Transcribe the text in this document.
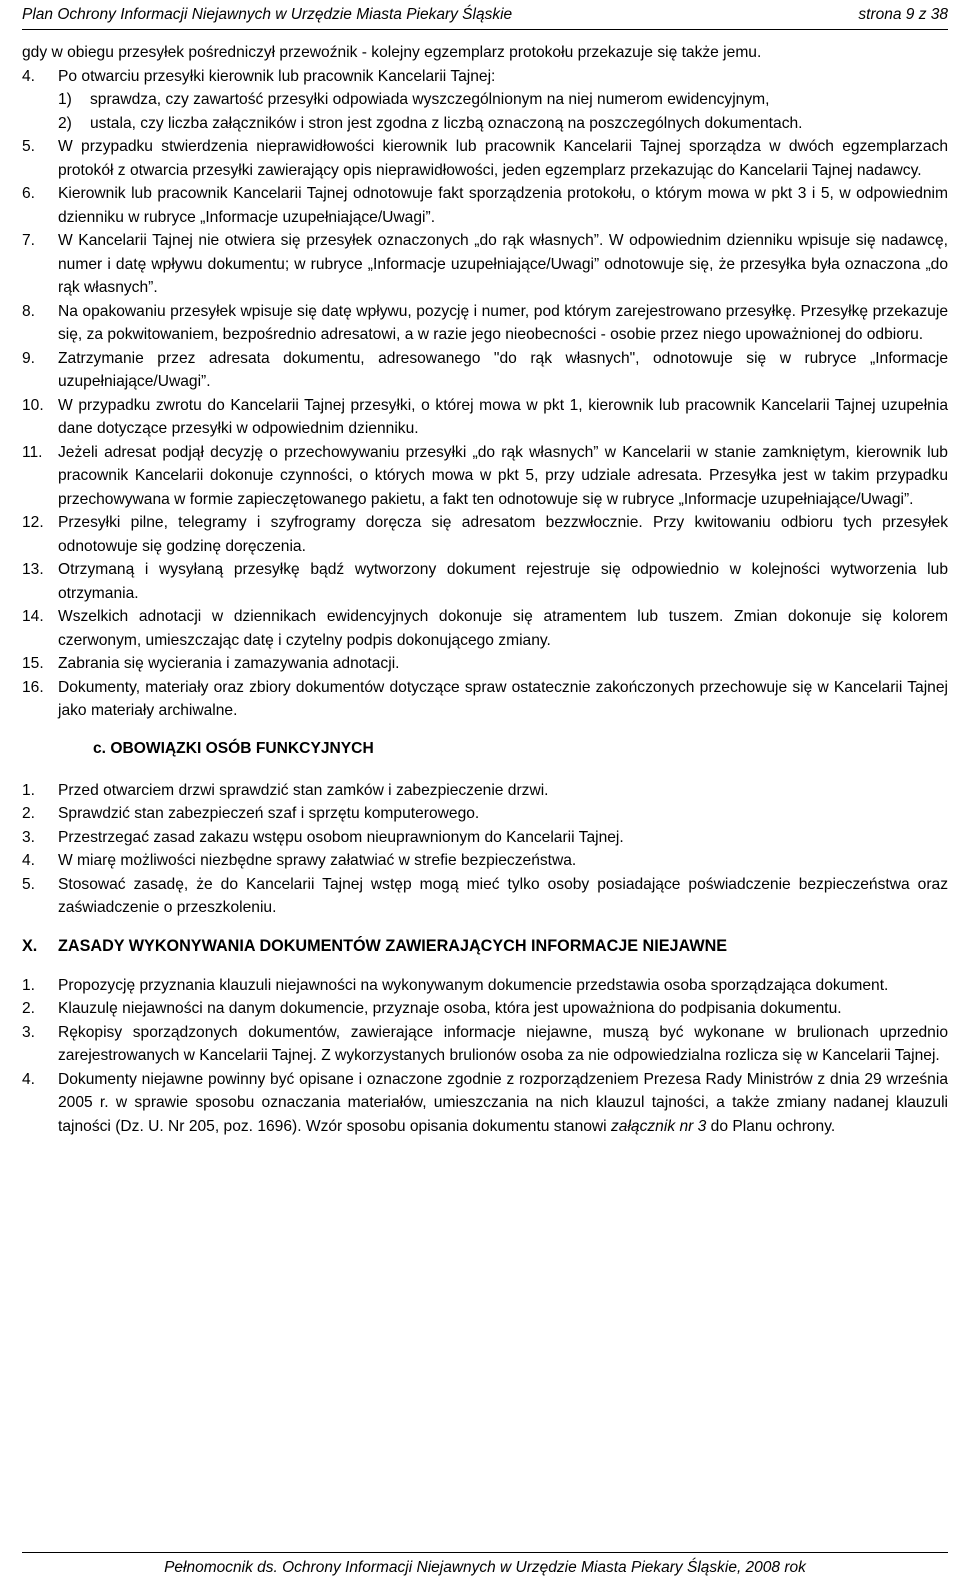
Plan Ochrony Informacji Niejawnych w Urzędzie Miasta Piekary Śląskie	strona 9 z 38
gdy w obiegu przesyłek pośredniczył przewoźnik - kolejny egzemplarz protokołu przekazuje się także jemu.
4.	Po otwarciu przesyłki kierownik lub pracownik Kancelarii Tajnej:
1)	sprawdza, czy zawartość przesyłki odpowiada wyszczególnionym na niej numerom ewidencyjnym,
2)	ustala, czy liczba załączników i stron jest zgodna z liczbą oznaczoną na poszczególnych dokumentach.
5.	W przypadku stwierdzenia nieprawidłowości kierownik lub pracownik Kancelarii Tajnej sporządza w dwóch egzemplarzach protokół z otwarcia przesyłki zawierający opis nieprawidłowości, jeden egzemplarz przekazując do Kancelarii Tajnej nadawcy.
6.	Kierownik lub pracownik Kancelarii Tajnej odnotowuje fakt sporządzenia protokołu, o którym mowa w pkt 3 i 5, w odpowiednim dzienniku w rubryce „Informacje uzupełniające/Uwagi”.
7.	W Kancelarii Tajnej nie otwiera się przesyłek oznaczonych „do rąk własnych”. W odpowiednim dzienniku wpisuje się nadawcę, numer i datę wpływu dokumentu; w rubryce „Informacje uzupełniające/Uwagi” odnotowuje się, że przesyłka była oznaczona „do rąk własnych”.
8.	Na opakowaniu przesyłek wpisuje się datę wpływu, pozycję i numer, pod którym zarejestrowano przesyłkę. Przesyłkę przekazuje się, za pokwitowaniem, bezpośrednio adresatowi, a w razie jego nieobecności - osobie przez niego upoważnionej do odbioru.
9.	Zatrzymanie przez adresata dokumentu, adresowanego "do rąk własnych", odnotowuje się w rubryce „Informacje uzupełniające/Uwagi”.
10. W przypadku zwrotu do Kancelarii Tajnej przesyłki, o której mowa w pkt 1, kierownik lub pracownik Kancelarii Tajnej uzupełnia dane dotyczące przesyłki w odpowiednim dzienniku.
11. Jeżeli adresat podjął decyzję o przechowywaniu przesyłki „do rąk własnych” w Kancelarii w stanie zamkniętym, kierownik lub pracownik Kancelarii dokonuje czynności, o których mowa w pkt 5, przy udziale adresata. Przesyłka jest w takim przypadku przechowywana w formie zapieczętowanego pakietu, a fakt ten odnotowuje się w rubryce „Informacje uzupełniające/Uwagi”.
12. Przesyłki pilne, telegramy i szyfrogramy doręcza się adresatom bezzwłocznie. Przy kwitowaniu odbioru tych przesyłek odnotowuje się godzinę doręczenia.
13. Otrzymaną i wysyłaną przesyłkę bądź wytworzony dokument rejestruje się odpowiednio w kolejności wytworzenia lub otrzymania.
14. Wszelkich adnotacji w dziennikach ewidencyjnych dokonuje się atramentem lub tuszem. Zmian dokonuje się kolorem czerwonym, umieszczając datę i czytelny podpis dokonującego zmiany.
15. Zabrania się wycierania i zamazywania adnotacji.
16. Dokumenty, materiały oraz zbiory dokumentów dotyczące spraw ostatecznie zakończonych przechowuje się w Kancelarii Tajnej jako materiały archiwalne.
c. OBOWIĄZKI OSÓB FUNKCYJNYCH
1.	Przed otwarciem drzwi sprawdzić stan zamków i zabezpieczenie drzwi.
2.	Sprawdzić stan zabezpieczeń szaf i sprzętu komputerowego.
3.	Przestrzegać zasad zakazu wstępu osobom nieuprawnionym do Kancelarii Tajnej.
4.	W miarę możliwości niezbędne sprawy załatwiać w strefie bezpieczeństwa.
5.	Stosować zasadę, że do Kancelarii Tajnej wstęp mogą mieć tylko osoby posiadające poświadczenie bezpieczeństwa oraz zaświadczenie o przeszkoleniu.
X.	ZASADY WYKONYWANIA DOKUMENTÓW ZAWIERAJĄCYCH INFORMACJE NIEJAWNE
1.	Propozycję przyznania klauzuli niejawności na wykonywanym dokumencie przedstawia osoba sporządzająca dokument.
2.	Klauzulę niejawności na danym dokumencie, przyznaje osoba, która jest upoważniona do podpisania dokumentu.
3.	Rękopisy sporządzonych dokumentów, zawierające informacje niejawne, muszą być wykonane w brulionach uprzednio zarejestrowanych w Kancelarii Tajnej. Z wykorzystanych brulionów osoba za nie odpowiedzialna rozlicza się w Kancelarii Tajnej.
4.	Dokumenty niejawne powinny być opisane i oznaczone zgodnie z rozporządzeniem Prezesa Rady Ministrów z dnia 29 września 2005 r. w sprawie sposobu oznaczania materiałów, umieszczania na nich klauzul tajności, a także zmiany nadanej klauzuli tajności (Dz. U. Nr 205, poz. 1696). Wzór sposobu opisania dokumentu stanowi załącznik nr 3 do Planu ochrony.
Pełnomocnik ds. Ochrony Informacji Niejawnych w Urzędzie Miasta Piekary Śląskie, 2008 rok
